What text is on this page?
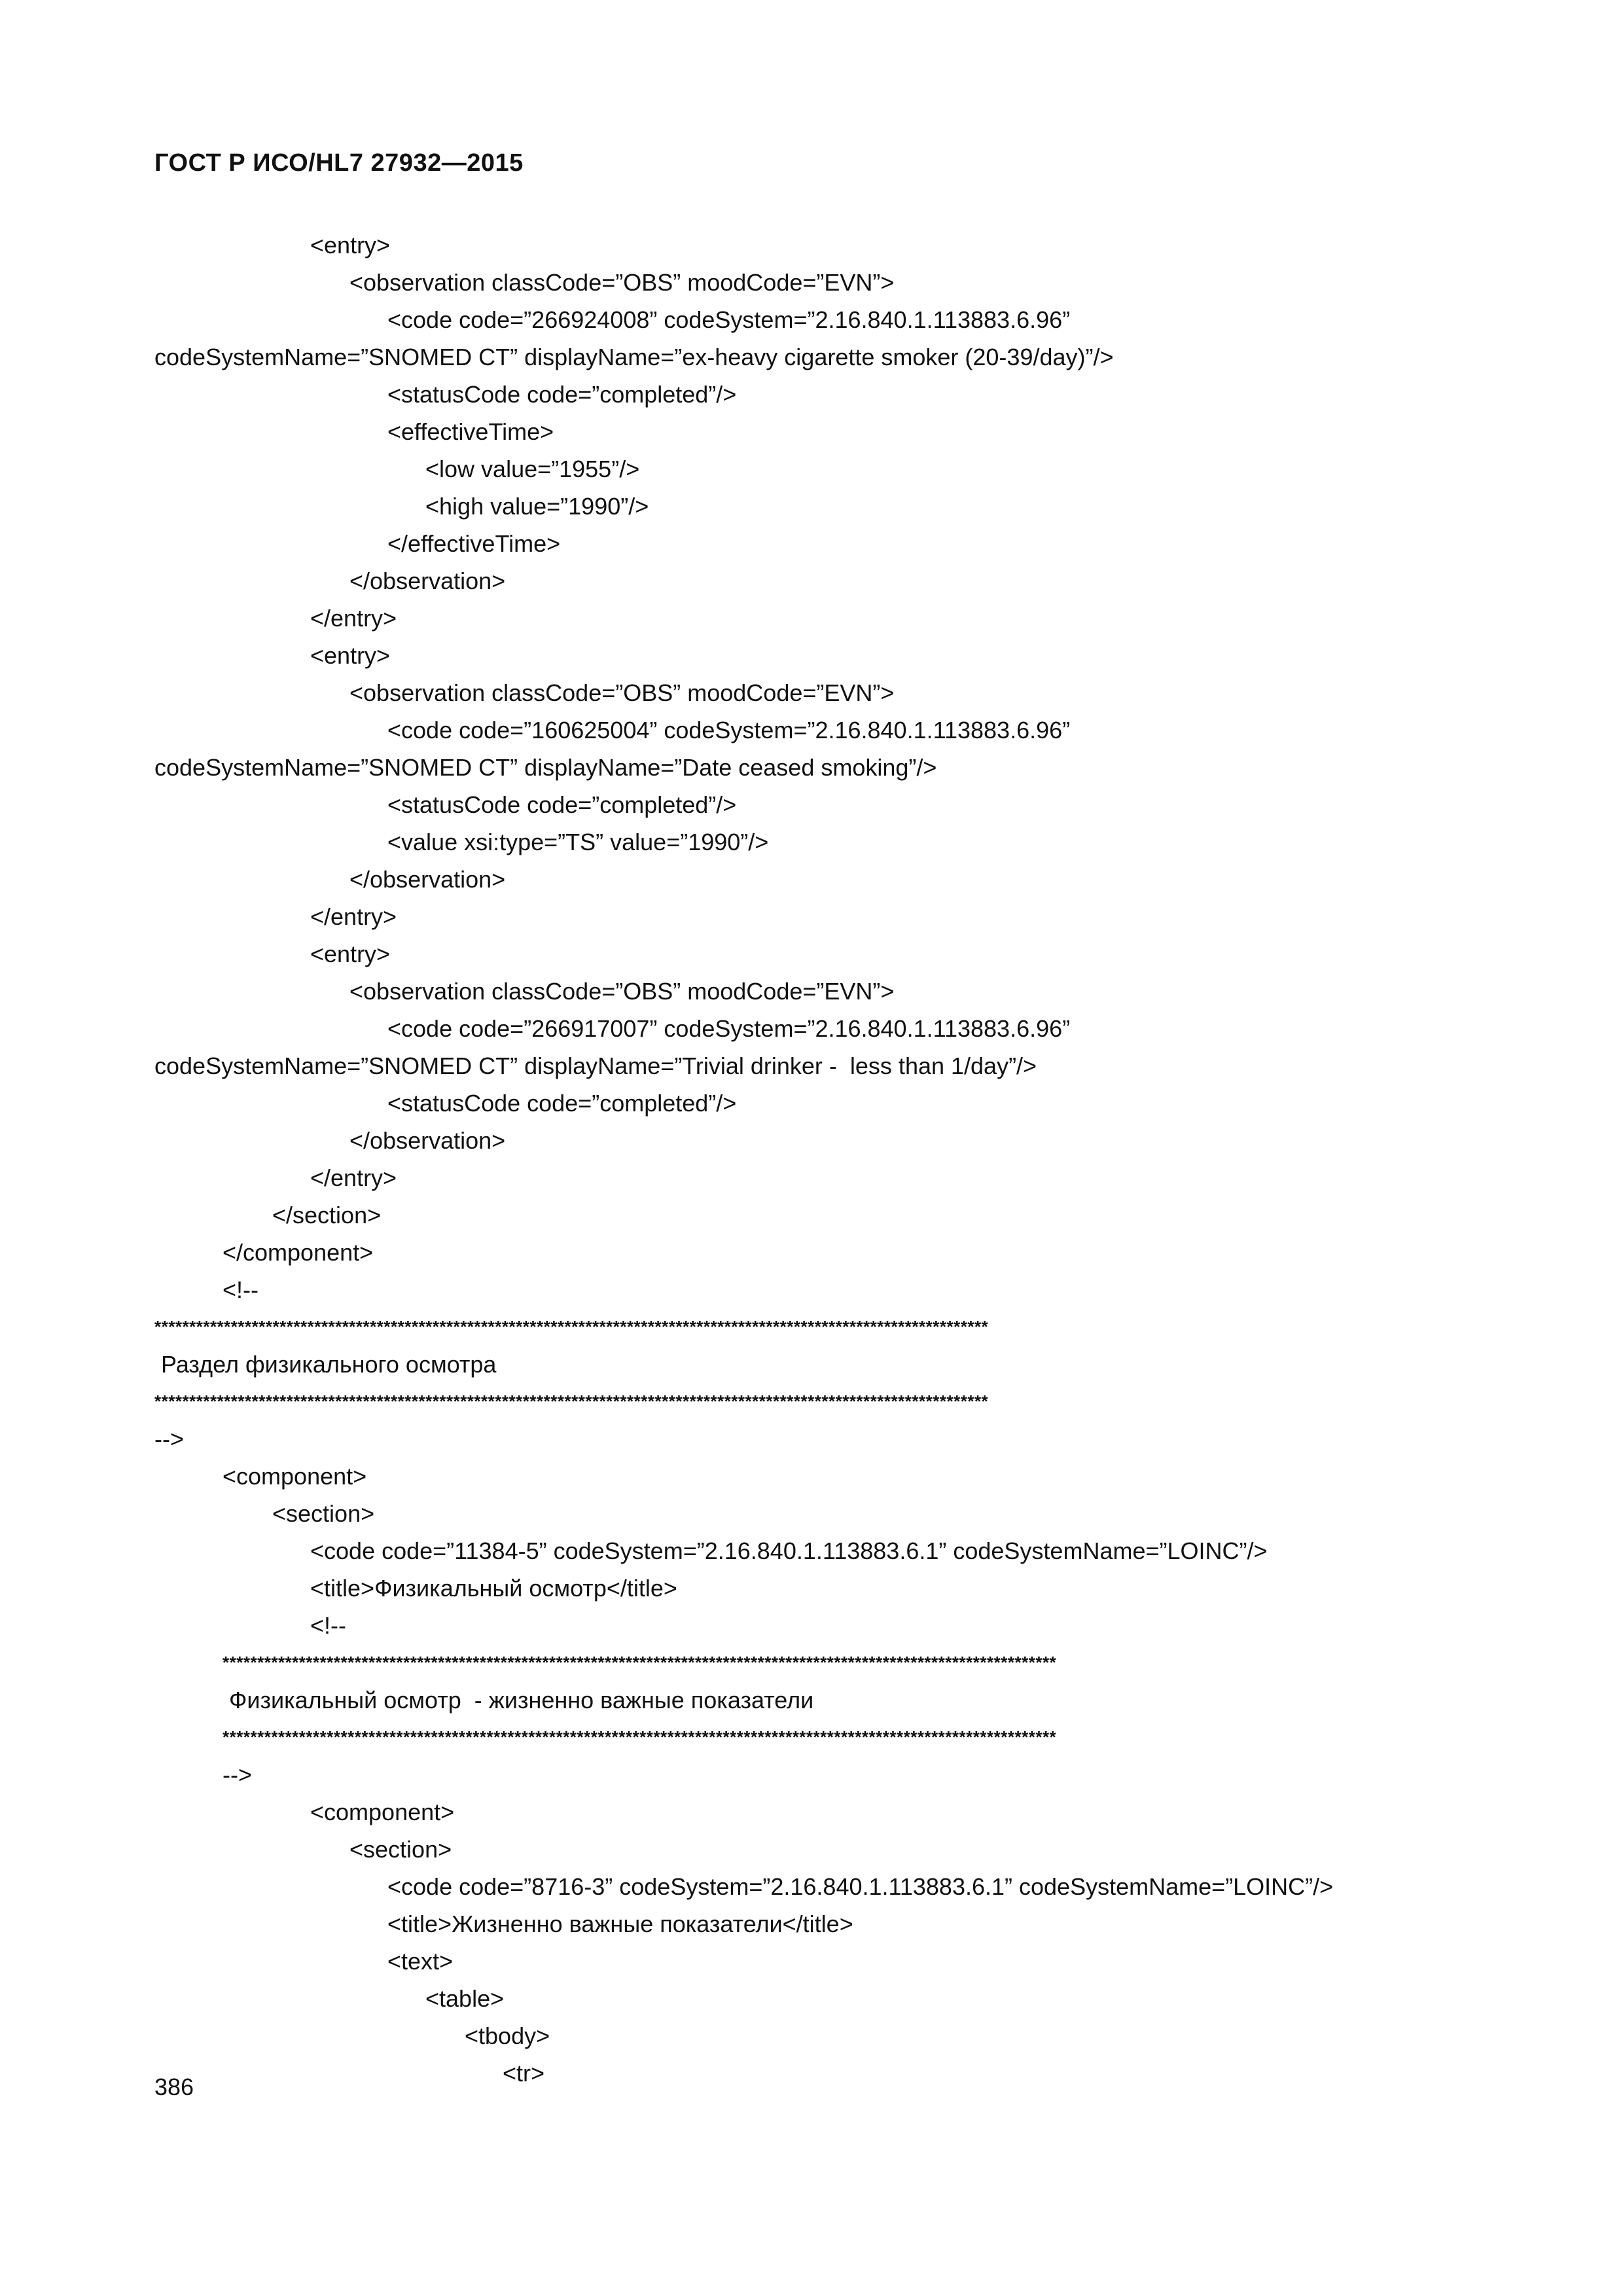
ГОСТ Р ИСО/HL7 27932—2015
<entry>
<observation classCode=”OBS” moodCode=”EVN”>
<code code=”266924008” codeSystem=”2.16.840.1.113883.6.96”
codeSystemName=”SNOMED CT” displayName=”ex-heavy cigarette smoker (20-39/day)”/>
<statusCode code=”completed”/>
<effectiveTime>
<low value=”1955”/>
<high value=”1990”/>
</effectiveTime>
</observation>
</entry>
<entry>
<observation classCode=”OBS” moodCode=”EVN”>
<code code=”160625004” codeSystem=”2.16.840.1.113883.6.96”
codeSystemName=”SNOMED CT” displayName=”Date ceased smoking”/>
<statusCode code=”completed”/>
<value xsi:type=”TS” value=”1990”/>
</observation>
</entry>
<entry>
<observation classCode=”OBS” moodCode=”EVN”>
<code code=”266917007” codeSystem=”2.16.840.1.113883.6.96”
codeSystemName=”SNOMED CT” displayName=”Trivial drinker -  less than 1/day”/>
<statusCode code=”completed”/>
</observation>
</entry>
</section>
</component>
<!--
************************************************************************************************************************
Раздел физикального осмотра
************************************************************************************************************************
-->
<component>
<section>
<code code=”11384-5” codeSystem=”2.16.840.1.113883.6.1” codeSystemName=”LOINC”/>
<title>Физикальный осмотр</title>
<!--
************************************************************************************************************************
Физикальный осмотр  - жизненно важные показатели
************************************************************************************************************************
-->
<component>
<section>
<code code=”8716-3” codeSystem=”2.16.840.1.113883.6.1” codeSystemName=”LOINC”/>
<title>Жизненно важные показатели</title>
<text>
<table>
<tbody>
<tr>
386
